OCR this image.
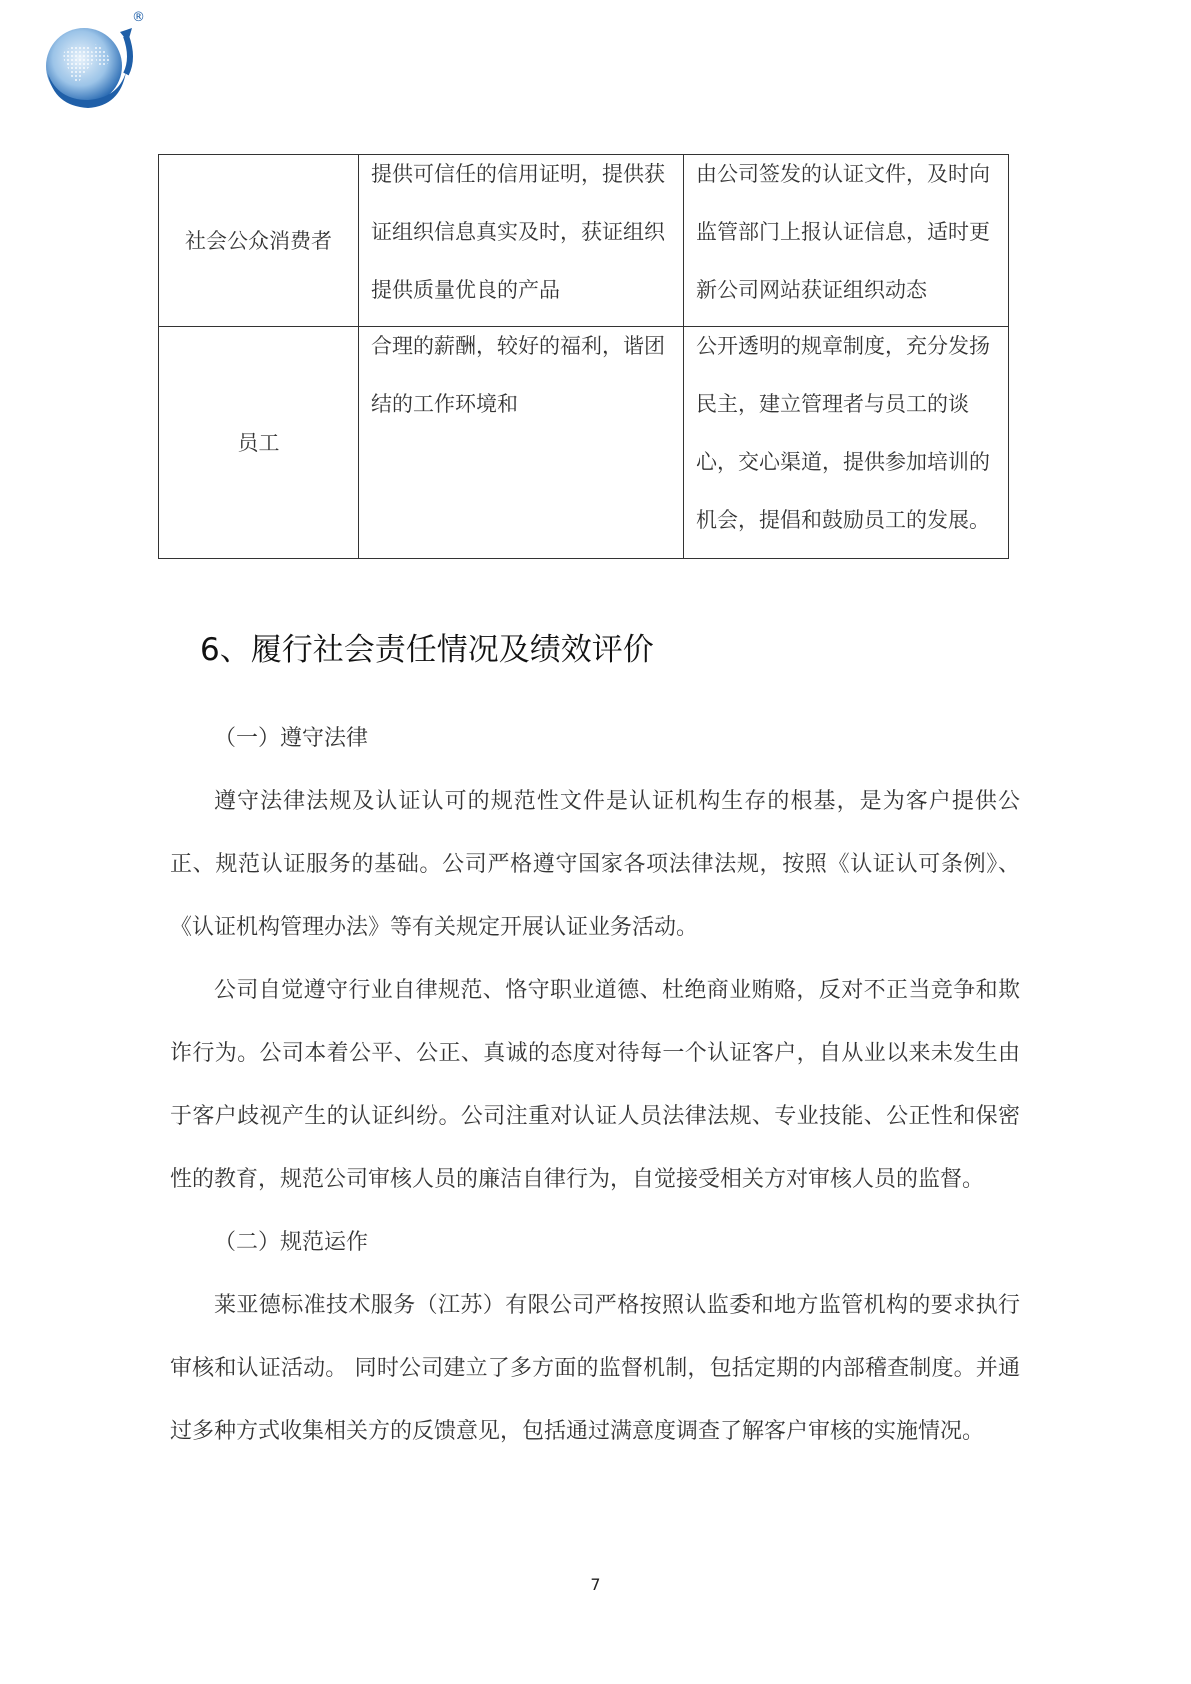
®
社会公众消费者	提供可信任的信用证明，提供获证组织信息真实及时，获证组织提供质量优良的产品	由公司签发的认证文件，及时向监管部门上报认证信息，适时更新公司网站获证组织动态

员工	合理的薪酬，较好的福利，谐团结的工作环境和	公开透明的规章制度，充分发扬民主，建立管理者与员工的谈心，交心渠道，提供参加培训的机会，提倡和鼓励员工的发展。
6、履行社会责任情况及绩效评价

（一）遵守法律

遵守法律法规及认证认可的规范性文件是认证机构生存的根基，是为客户提供公正、规范认证服务的基础。公司严格遵守国家各项法律法规，按照《认证认可条例》、《认证机构管理办法》等有关规定开展认证业务活动。

公司自觉遵守行业自律规范、恪守职业道德、杜绝商业贿赂，反对不正当竞争和欺诈行为。公司本着公平、公正、真诚的态度对待每一个认证客户，自从业以来未发生由于客户歧视产生的认证纠纷。公司注重对认证人员法律法规、专业技能、公正性和保密性的教育，规范公司审核人员的廉洁自律行为，自觉接受相关方对审核人员的监督。

（二）规范运作

莱亚德标准技术服务（江苏）有限公司严格按照认监委和地方监管机构的要求执行审核和认证活动。 同时公司建立了多方面的监督机制，包括定期的内部稽查制度。并通过多种方式收集相关方的反馈意见，包括通过满意度调查了解客户审核的实施情况。

7
